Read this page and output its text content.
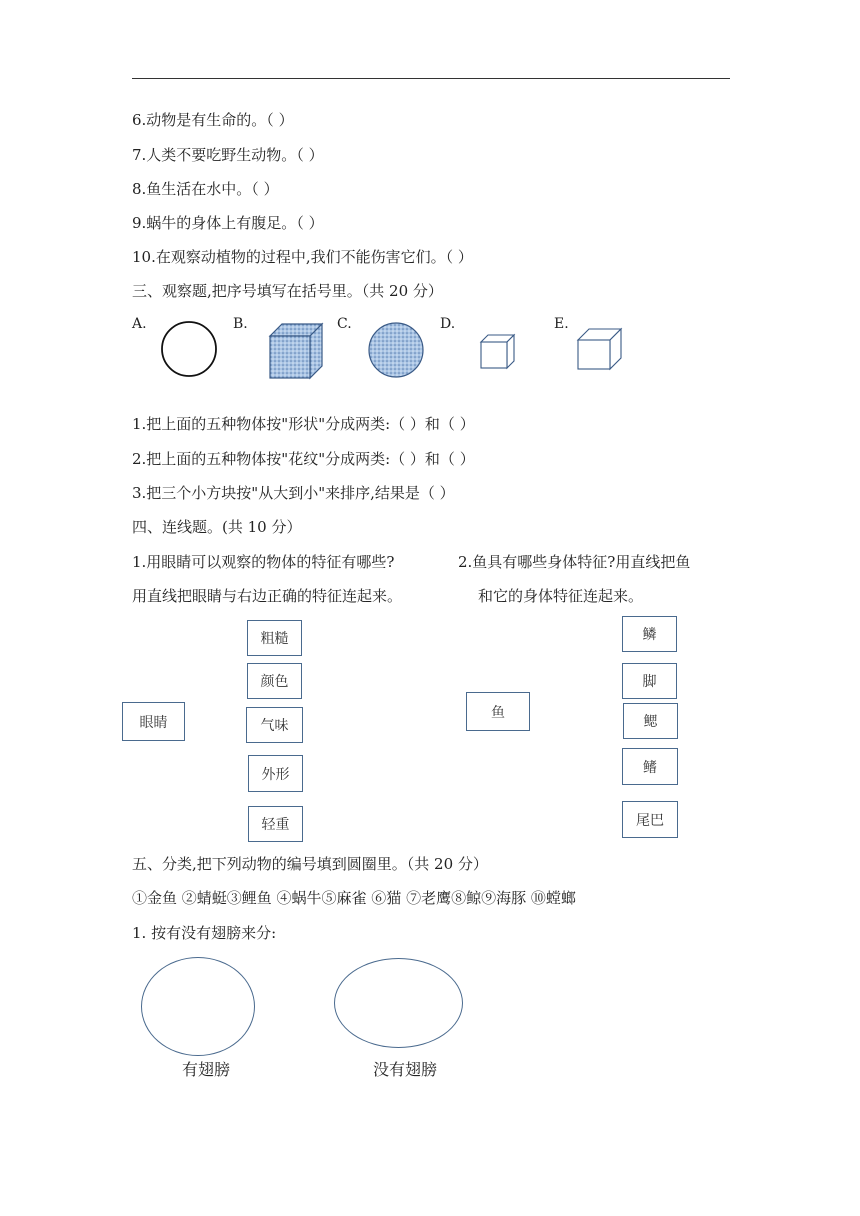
6.动物是有生命的。（ ）
7.人类不要吃野生动物。（ ）
8.鱼生活在水中。（ ）
9.蜗牛的身体上有腹足。（ ）
10.在观察动植物的过程中,我们不能伤害它们。（ ）
三、观察题,把序号填写在括号里。（共 20 分）
A.	B.	C.	D.	E.
1.把上面的五种物体按"形状"分成两类:（ ）和（ ）
2.把上面的五种物体按"花纹"分成两类:（ ）和（ ）
3.把三个小方块按"从大到小"来排序,结果是（ ）
四、连线题。(共 10 分）
1.用眼睛可以观察的物体的特征有哪些?
用直线把眼睛与右边正确的特征连起来。
2.鱼具有哪些身体特征?用直线把鱼
和它的身体特征连起来。
眼睛
粗糙
颜色
气味
外形
轻重
鱼
鳞
脚
鳃
鳍
尾巴
五、分类,把下列动物的编号填到圆圈里。（共 20 分）
①金鱼 ②蜻蜓③鲤鱼 ④蜗牛⑤麻雀 ⑥猫 ⑦老鹰⑧鲸⑨海豚 ⑩螳螂
1. 按有没有翅膀来分:
有翅膀	没有翅膀
